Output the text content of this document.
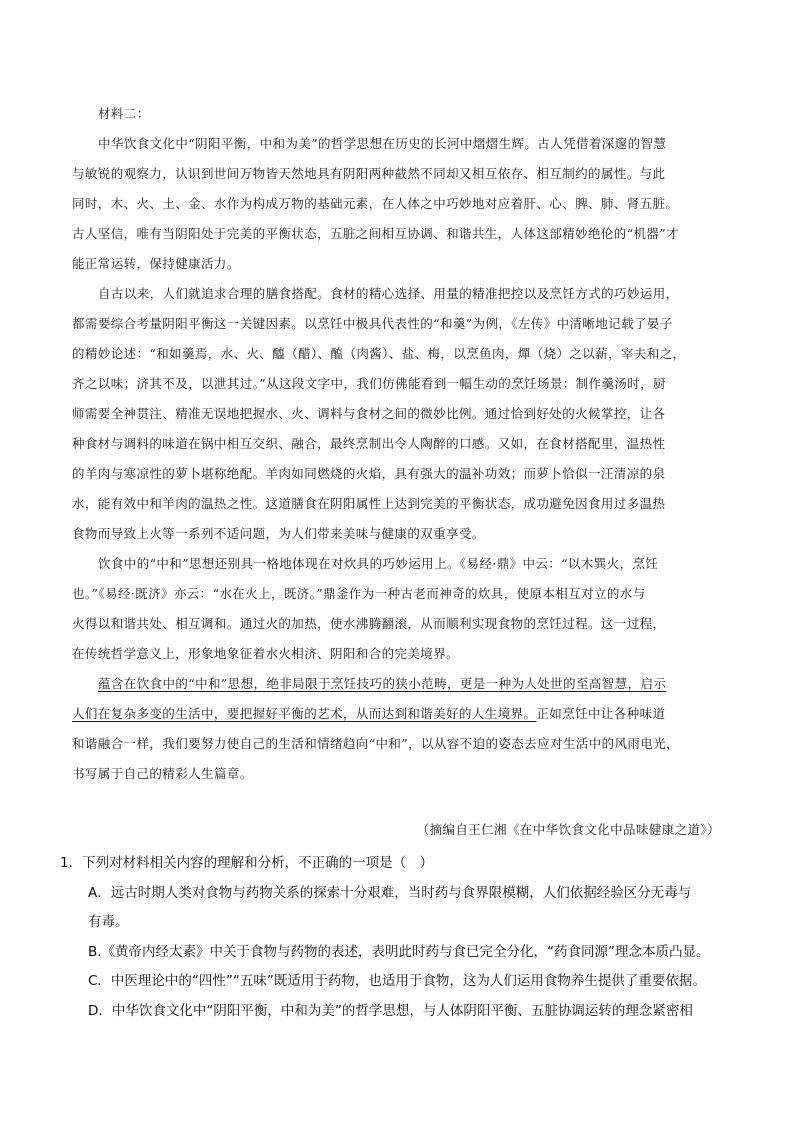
材料二：
中华饮食文化中“阴阳平衡，中和为美”的哲学思想在历史的长河中熠熠生辉。古人凭借着深邃的智慧
与敏锐的观察力，认识到世间万物皆天然地具有阴阳两种截然不同却又相互依存、相互制约的属性。与此
同时，木、火、土、金、水作为构成万物的基础元素，在人体之中巧妙地对应着肝、心、脾、肺、肾五脏。
古人坚信，唯有当阴阳处于完美的平衡状态，五脏之间相互协调、和谐共生，人体这部精妙绝伦的“机器”才
能正常运转，保持健康活力。
自古以来，人们就追求合理的膳食搭配。食材的精心选择、用量的精准把控以及烹饪方式的巧妙运用，
都需要综合考量阴阳平衡这一关键因素。以烹饪中极具代表性的“和羹”为例，《左传》中清晰地记载了晏子
的精妙论述：“和如羹焉，水、火、醯（醋）、醢（肉酱）、盐、梅，以烹鱼肉，燀（烧）之以薪，宰夫和之，
齐之以味；济其不及，以泄其过。”从这段文字中，我们仿佛能看到一幅生动的烹饪场景：制作羹汤时，厨
师需要全神贯注、精准无误地把握水、火、调料与食材之间的微妙比例。通过恰到好处的火候掌控，让各
种食材与调料的味道在锅中相互交织、融合，最终烹制出令人陶醉的口感。又如，在食材搭配里，温热性
的羊肉与寒凉性的萝卜堪称绝配。羊肉如同燃烧的火焰，具有强大的温补功效；而萝卜恰似一汪清凉的泉
水，能有效中和羊肉的温热之性。这道膳食在阴阳属性上达到完美的平衡状态，成功避免因食用过多温热
食物而导致上火等一系列不适问题，为人们带来美味与健康的双重享受。
饮食中的“中和”思想还别具一格地体现在对炊具的巧妙运用上。《易经·鼎》中云：“以木巽火，烹饪
也。”《易经·既济》亦云：“水在火上，既济。”鼎釜作为一种古老而神奇的炊具，使原本相互对立的水与
火得以和谐共处、相互调和。通过火的加热，使水沸腾翻滚，从而顺利实现食物的烹饪过程。这一过程，
在传统哲学意义上，形象地象征着水火相济、阴阳和合的完美境界。
蕴含在饮食中的“中和”思想，绝非局限于烹饪技巧的狭小范畴，更是一种为人处世的至高智慧，启示
人们在复杂多变的生活中，要把握好平衡的艺术，从而达到和谐美好的人生境界。正如烹饪中让各种味道
和谐融合一样，我们要努力使自己的生活和情绪趋向“中和”，以从容不迫的姿态去应对生活中的风雨电光，
书写属于自己的精彩人生篇章。
（摘编自王仁湘《在中华饮食文化中品味健康之道》）
1．下列对材料相关内容的理解和分析，不正确的一项是（　）
A．远古时期人类对食物与药物关系的探索十分艰难，当时药与食界限模糊，人们依据经验区分无毒与
有毒。
B.《黄帝内经太素》中关于食物与药物的表述，表明此时药与食已完全分化，“药食同源”理念本质凸显。
C．中医理论中的“四性”“五味”既适用于药物，也适用于食物，这为人们运用食物养生提供了重要依据。
D．中华饮食文化中“阴阳平衡，中和为美”的哲学思想，与人体阴阳平衡、五脏协调运转的理念紧密相
